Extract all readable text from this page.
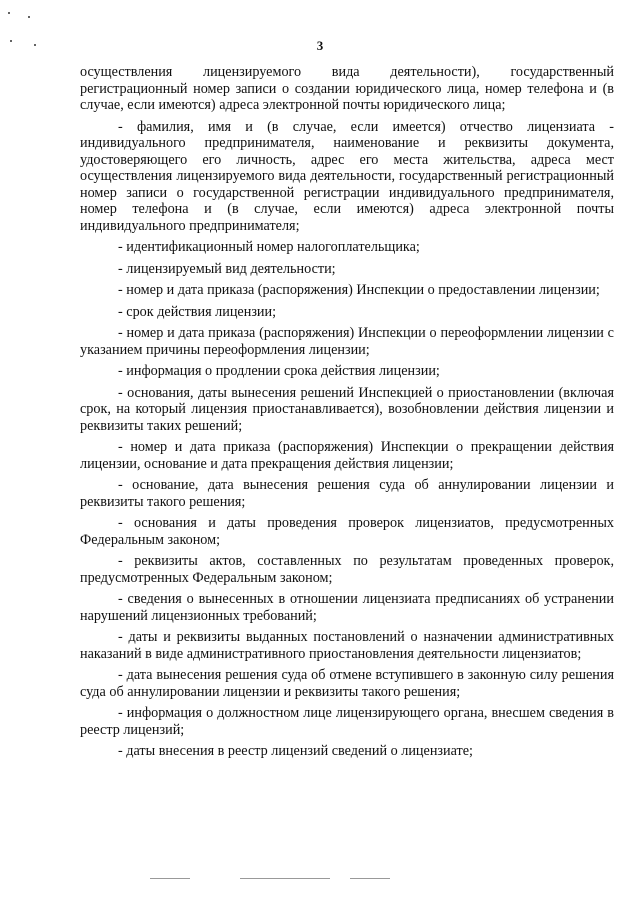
3

осуществления лицензируемого вида деятельности), государственный регистрационный номер записи о создании юридического лица, номер телефона и (в случае, если имеются) адреса электронной почты юридического лица;

- фамилия, имя и (в случае, если имеется) отчество лицензиата - индивидуального предпринимателя, наименование и реквизиты документа, удостоверяющего его личность, адрес его места жительства, адреса мест осуществления лицензируемого вида деятельности, государственный регистрационный номер записи о государственной регистрации индивидуального предпринимателя, номер телефона и (в случае, если имеются) адреса электронной почты индивидуального предпринимателя;

- идентификационный номер налогоплательщика;

- лицензируемый вид деятельности;

- номер и дата приказа (распоряжения) Инспекции о предоставлении лицензии;

- срок действия лицензии;

- номер и дата приказа (распоряжения) Инспекции о переоформлении лицензии с указанием причины переоформления лицензии;

- информация о продлении срока действия лицензии;

- основания, даты вынесения решений Инспекцией о приостановлении (включая срок, на который лицензия приостанавливается), возобновлении действия лицензии и реквизиты таких решений;

- номер и дата приказа (распоряжения) Инспекции о прекращении действия лицензии, основание и дата прекращения действия лицензии;

- основание, дата вынесения решения суда об аннулировании лицензии и реквизиты такого решения;

- основания и даты проведения проверок лицензиатов, предусмотренных Федеральным законом;

- реквизиты актов, составленных по результатам проведенных проверок, предусмотренных Федеральным законом;

- сведения о вынесенных в отношении лицензиата предписаниях об устранении нарушений лицензионных требований;

- даты и реквизиты выданных постановлений о назначении административных наказаний в виде административного приостановления деятельности лицензиатов;

- дата вынесения решения суда об отмене вступившего в законную силу решения суда об аннулировании лицензии и реквизиты такого решения;

- информация о должностном лице лицензирующего органа, внесшем сведения в реестр лицензий;

- даты внесения в реестр лицензий сведений о лицензиате;
